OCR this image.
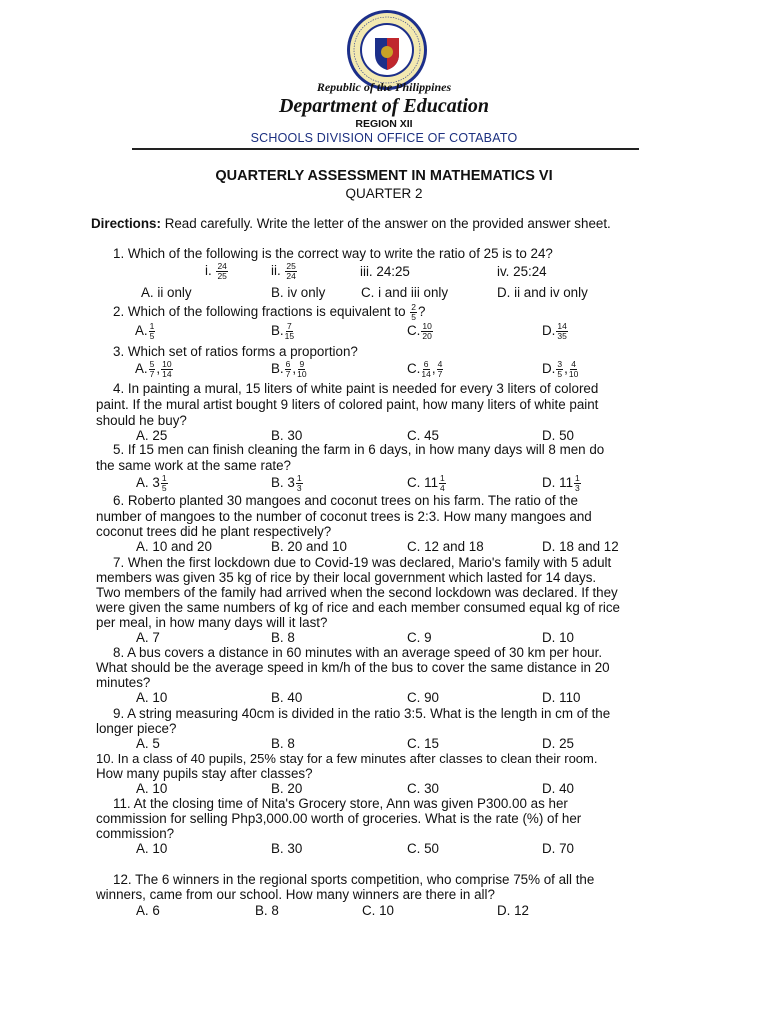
Republic of the Philippines
Department of Education
REGION XII
SCHOOLS DIVISION OFFICE OF COTABATO
QUARTERLY ASSESSMENT IN MATHEMATICS VI
QUARTER 2
Directions: Read carefully. Write the letter of the answer on the provided answer sheet.
1. Which of the following is the correct way to write the ratio of 25 is to 24?
i. $\frac{24}{25}$	ii. $\frac{25}{24}$	iii. 24:25	iv. 25:24
A. ii only	B. iv only	C. i and iii only	D. ii and iv only
2. Which of the following fractions is equivalent to $\frac{2}{5}$ ?
A. $\frac{1}{5}$	B. $\frac{7}{15}$	C. $\frac{10}{20}$	D. $\frac{14}{35}$
3. Which set of ratios forms a proportion?
A. $\frac{5}{7}$ , $\frac{10}{14}$	B. $\frac{6}{7}$ , $\frac{9}{10}$	C. $\frac{6}{14}$ , $\frac{4}{7}$	D. $\frac{3}{5}$ , $\frac{4}{10}$
4. In painting a mural, 15 liters of white paint is needed for every 3 liters of colored
paint. If the mural artist bought 9 liters of colored paint, how many liters of white paint
should he buy?
A. 25	B. 30	C. 45	D. 50
5. If 15 men can finish cleaning the farm in 6 days, in how many days will 8 men do
the same work at the same rate?
A. $3 \frac{1}{5}$	B. $3 \frac{1}{3}$	C. $11 \frac{1}{4}$	D. $11 \frac{1}{3}$
6. Roberto planted 30 mangoes and coconut trees on his farm. The ratio of the
number of mangoes to the number of coconut trees is 2:3. How many mangoes and
coconut trees did he plant respectively?
A. 10 and 20	B. 20 and 10	C. 12 and 18	D. 18 and 12
7. When the first lockdown due to Covid-19 was declared, Mario's family with 5 adult
members was given 35 kg of rice by their local government which lasted for 14 days.
Two members of the family had arrived when the second lockdown was declared. If they
were given the same numbers of kg of rice and each member consumed equal kg of rice
per meal, in how many days will it last?
A. 7	B. 8	C. 9	D. 10
8. A bus covers a distance in 60 minutes with an average speed of 30 km per hour.
What should be the average speed in km/h of the bus to cover the same distance in 20
minutes?
A. 10	B. 40	C. 90	D. 110
9. A string measuring 40cm is divided in the ratio 3:5. What is the length in cm of the
longer piece?
A. 5	B. 8	C. 15	D. 25
10. In a class of 40 pupils, 25% stay for a few minutes after classes to clean their room.
How many pupils stay after classes?
A. 10	B. 20	C. 30	D. 40
11. At the closing time of Nita's Grocery store, Ann was given P300.00 as her
commission for selling Php3,000.00 worth of groceries. What is the rate (%) of her
commission?
A. 10	B. 30	C. 50	D. 70
12. The 6 winners in the regional sports competition, who comprise 75% of all the
winners, came from our school. How many winners are there in all?
A. 6	B. 8	C. 10	D. 12
